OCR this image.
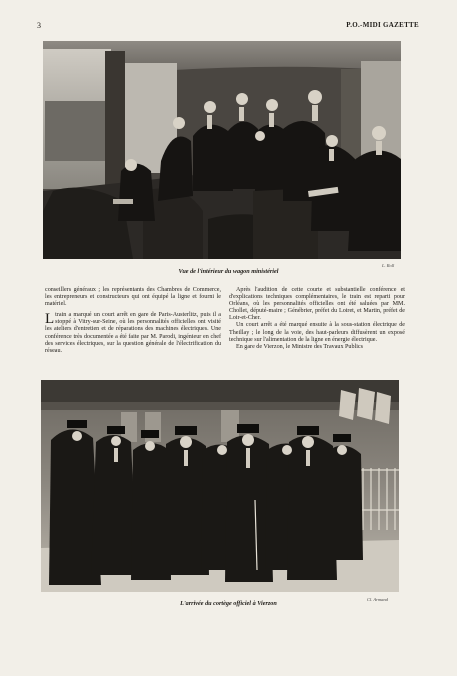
3	P.O.-MIDI GAZETTE
L. Roll
Vue de l'intérieur du wagon ministériel

conseillers généraux ; les représentants des Chambres de Commerce, les entrepreneurs et constructeurs qui ont équipé la ligne et fourni le matériel.

Ltrain a marqué un court arrêt en gare de Paris-Austerlitz, puis il a stoppé à Vitry-sur-Seine, où les personnalités officielles ont visité les ateliers d'entretien et de réparations des machines électriques. Une conférence très documentée a été faite par M. Parodi, ingénieur en chef des services électriques, sur la question générale de l'électrification du réseau.

Après l'audition de cette courte et substantielle conférence et d'explications techniques complémentaires, le train est reparti pour Orléans, où les personnalités officielles ont été saluées par MM. Chollet, député-maire ; Génébrier, préfet du Loiret, et Martin, préfet de Loir-et-Cher.

Un court arrêt a été marqué ensuite à la sous-station électrique de Theillay ; le long de la voie, des haut-parleurs diffusèrent un exposé technique sur l'alimentation de la ligne en énergie électrique.

En gare de Vierzon, le Ministre des Travaux Publics

Cl. Armand
L'arrivée du cortège officiel à Vierzon
